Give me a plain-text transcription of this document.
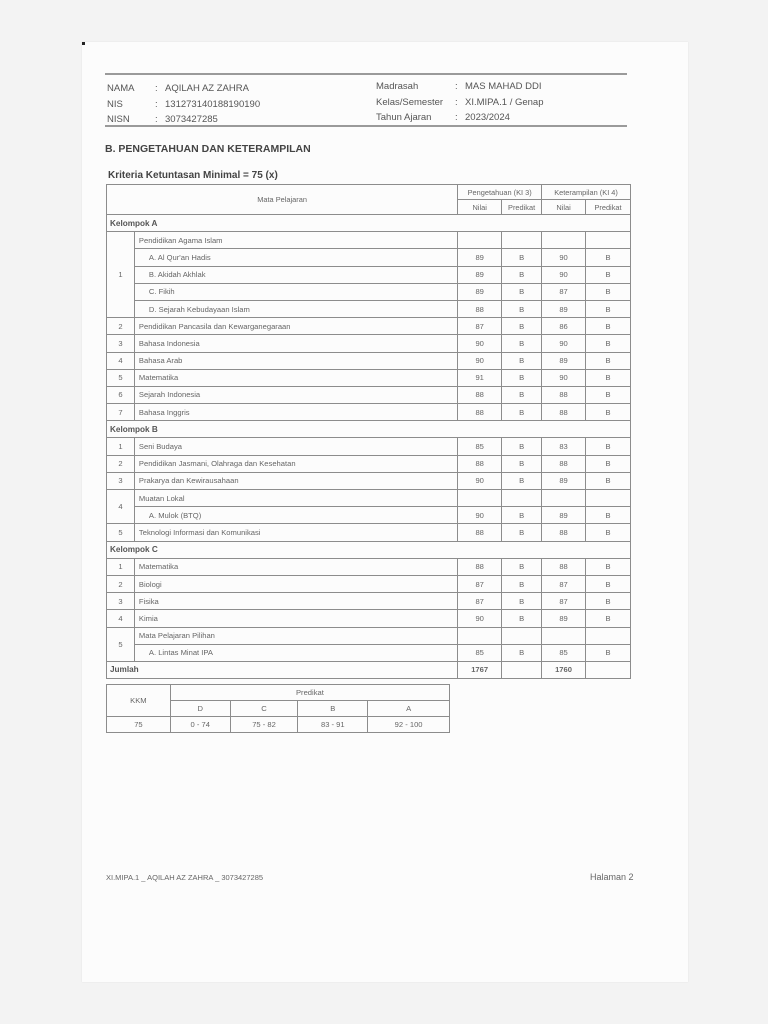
NAMA : AQILAH AZ ZAHRA	Madrasah	: MAS MAHAD DDI
NIS	: 131273140188190190	Kelas/Semester : XI.MIPA.1 / Genap
NISN	: 3073427285	Tahun Ajaran : 2023/2024
B. PENGETAHUAN DAN KETERAMPILAN
Kriteria Ketuntasan Minimal = 75 (x)
Mata Pelajaran		Pengetahuan (KI 3)		Keterampilan (KI 4)	
		Nilai	Predikat	Nilai	Predikat
Kelompok A					
1	Pendidikan Agama Islam				
	A. Al Qur'an Hadis	89	B	90	B
	B. Akidah Akhlak	89	B	90	B
	C. Fikih	89	B	87	B
	D. Sejarah Kebudayaan Islam	88	B	89	B
2	Pendidikan Pancasila dan Kewarganegaraan	87	B	86	B
3	Bahasa Indonesia	90	B	90	B
4	Bahasa Arab	90	B	89	B
5	Matematika	91	B	90	B
6	Sejarah Indonesia	88	B	88	B
7	Bahasa Inggris	88	B	88	B
Kelompok B					
1	Seni Budaya	85	B	83	B
2	Pendidikan Jasmani, Olahraga dan Kesehatan	88	B	88	B
3	Prakarya dan Kewirausahaan	90	B	89	B
4	Muatan Lokal				
	A. Mulok (BTQ)	90	B	89	B
5	Teknologi Informasi dan Komunikasi	88	B	88	B
Kelompok C					
1	Matematika	88	B	88	B
2	Biologi	87	B	87	B
3	Fisika	87	B	87	B
4	Kimia	90	B	89	B
5	Mata Pelajaran Pilihan				
	A. Lintas Minat IPA	85	B	85	B
Jumlah		1767		1760	
KKM	Predikat			
	D	C	B	A
75	0 - 74	75 - 82	83 - 91	92 - 100
XI.MIPA.1 _ AQILAH AZ ZAHRA _ 3073427285	Halaman 2
